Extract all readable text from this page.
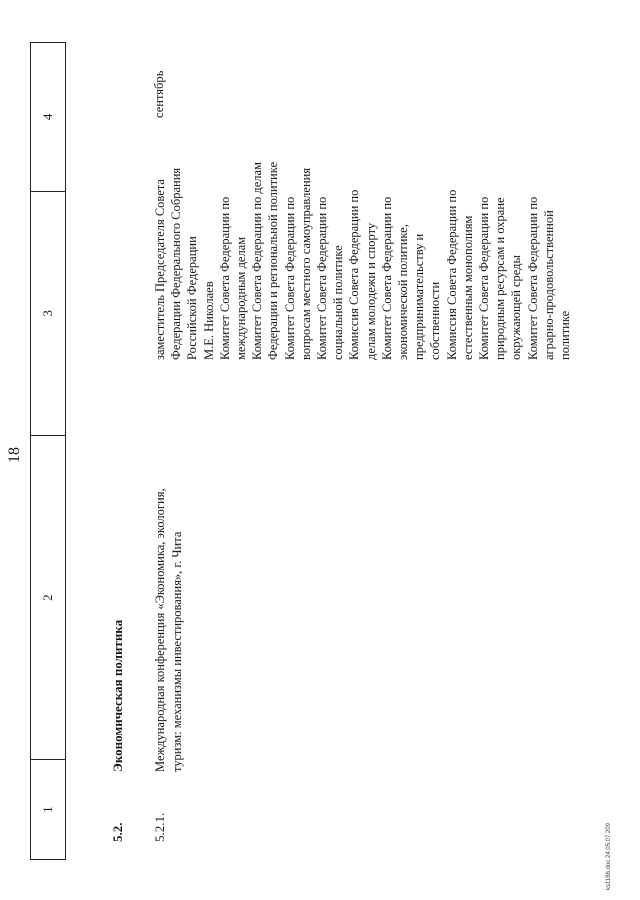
18
1
2
3
4
5.2.
Экономическая политика
5.2.1.
Международная конференция «Экономика, экология, туризм: механизмы инвестирования», г. Чита
заместитель Председателя Совета Федерации Федерального Собрания Российской Федерации М.Е. Николаев Комитет Совета Федерации по международным делам Комитет Совета Федерации по делам Федерации и региональной политике Комитет Совета Федерации по вопросам местного самоуправления Комитет Совета Федерации по социальной политике Комиссия Совета Федерации по делам молодежи и спорту Комитет Совета Федерации по экономической политике, предпринимательству и собственности Комиссия Совета Федерации по естественным монополиям Комитет Совета Федерации по природным ресурсам и охране окружающей среды Комитет Совета Федерации по аграрно-продовольственной политике
сентябрь
ks1186.doc 24.05.07 209
